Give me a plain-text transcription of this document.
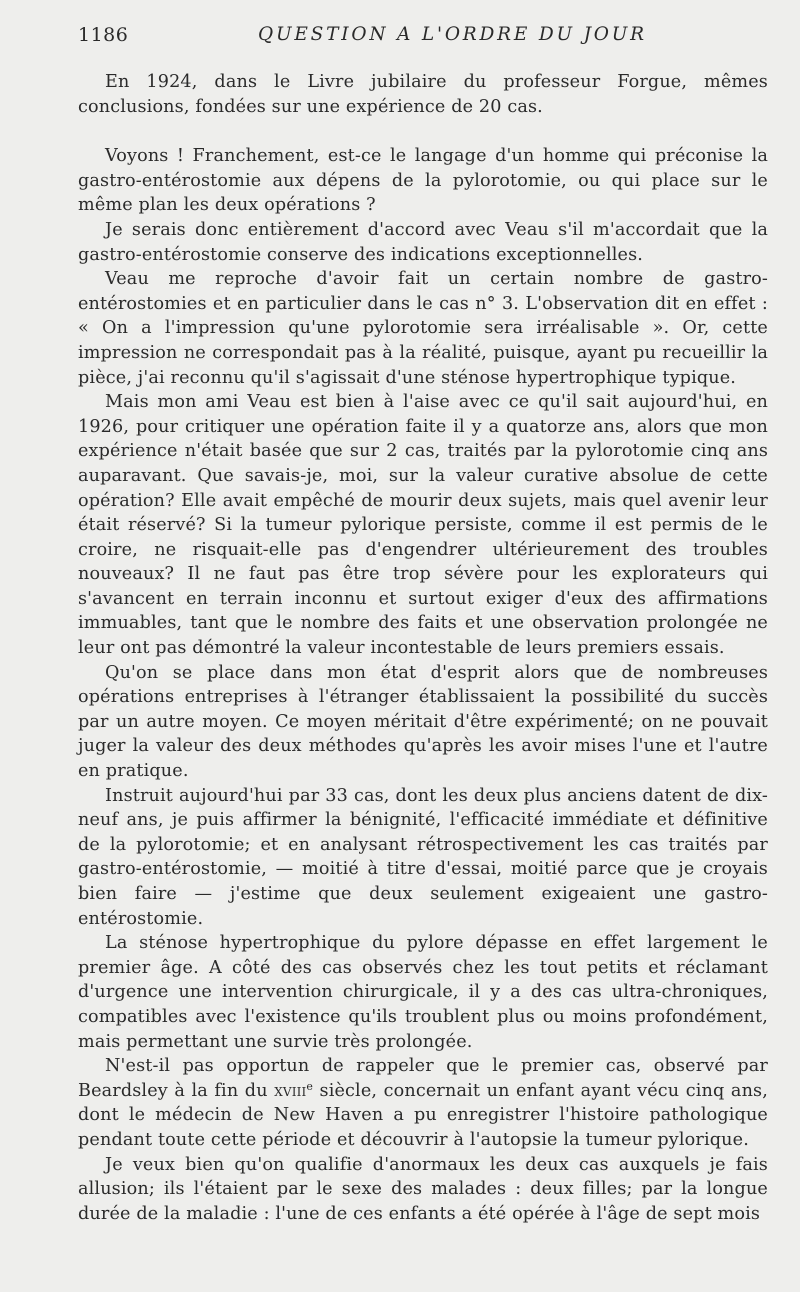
1186	QUESTION A L'ORDRE DU JOUR

En 1924, dans le Livre jubilaire du professeur Forgue, mêmes conclusions, fondées sur une expérience de 20 cas.

Voyons ! Franchement, est-ce le langage d'un homme qui préconise la gastro-entérostomie aux dépens de la pylorotomie, ou qui place sur le même plan les deux opérations ?

Je serais donc entièrement d'accord avec Veau s'il m'accordait que la gastro-entérostomie conserve des indications exceptionnelles.

Veau me reproche d'avoir fait un certain nombre de gastro-entérostomies et en particulier dans le cas n° 3. L'observation dit en effet : « On a l'impression qu'une pylorotomie sera irréalisable ». Or, cette impression ne correspondait pas à la réalité, puisque, ayant pu recueillir la pièce, j'ai reconnu qu'il s'agissait d'une sténose hypertrophique typique.

Mais mon ami Veau est bien à l'aise avec ce qu'il sait aujourd'hui, en 1926, pour critiquer une opération faite il y a quatorze ans, alors que mon expérience n'était basée que sur 2 cas, traités par la pylorotomie cinq ans auparavant. Que savais-je, moi, sur la valeur curative absolue de cette opération? Elle avait empêché de mourir deux sujets, mais quel avenir leur était réservé? Si la tumeur pylorique persiste, comme il est permis de le croire, ne risquait-elle pas d'engendrer ultérieurement des troubles nouveaux? Il ne faut pas être trop sévère pour les explorateurs qui s'avancent en terrain inconnu et surtout exiger d'eux des affirmations immuables, tant que le nombre des faits et une observation prolongée ne leur ont pas démontré la valeur incontestable de leurs premiers essais.

Qu'on se place dans mon état d'esprit alors que de nombreuses opérations entreprises à l'étranger établissaient la possibilité du succès par un autre moyen. Ce moyen méritait d'être expérimenté; on ne pouvait juger la valeur des deux méthodes qu'après les avoir mises l'une et l'autre en pratique.

Instruit aujourd'hui par 33 cas, dont les deux plus anciens datent de dix-neuf ans, je puis affirmer la bénignité, l'efficacité immédiate et définitive de la pylorotomie; et en analysant rétrospectivement les cas traités par gastro-entérostomie, — moitié à titre d'essai, moitié parce que je croyais bien faire — j'estime que deux seulement exigeaient une gastro-entérostomie.

La sténose hypertrophique du pylore dépasse en effet largement le premier âge. A côté des cas observés chez les tout petits et réclamant d'urgence une intervention chirurgicale, il y a des cas ultra-chroniques, compatibles avec l'existence qu'ils troublent plus ou moins profondément, mais permettant une survie très prolongée.

N'est-il pas opportun de rappeler que le premier cas, observé par Beardsley à la fin du xviii$^e$ siècle, concernait un enfant ayant vécu cinq ans, dont le médecin de New Haven a pu enregistrer l'histoire pathologique pendant toute cette période et découvrir à l'autopsie la tumeur pylorique.

Je veux bien qu'on qualifie d'anormaux les deux cas auxquels je fais allusion; ils l'étaient par le sexe des malades : deux filles; par la longue durée de la maladie : l'une de ces enfants a été opérée à l'âge de sept mois
